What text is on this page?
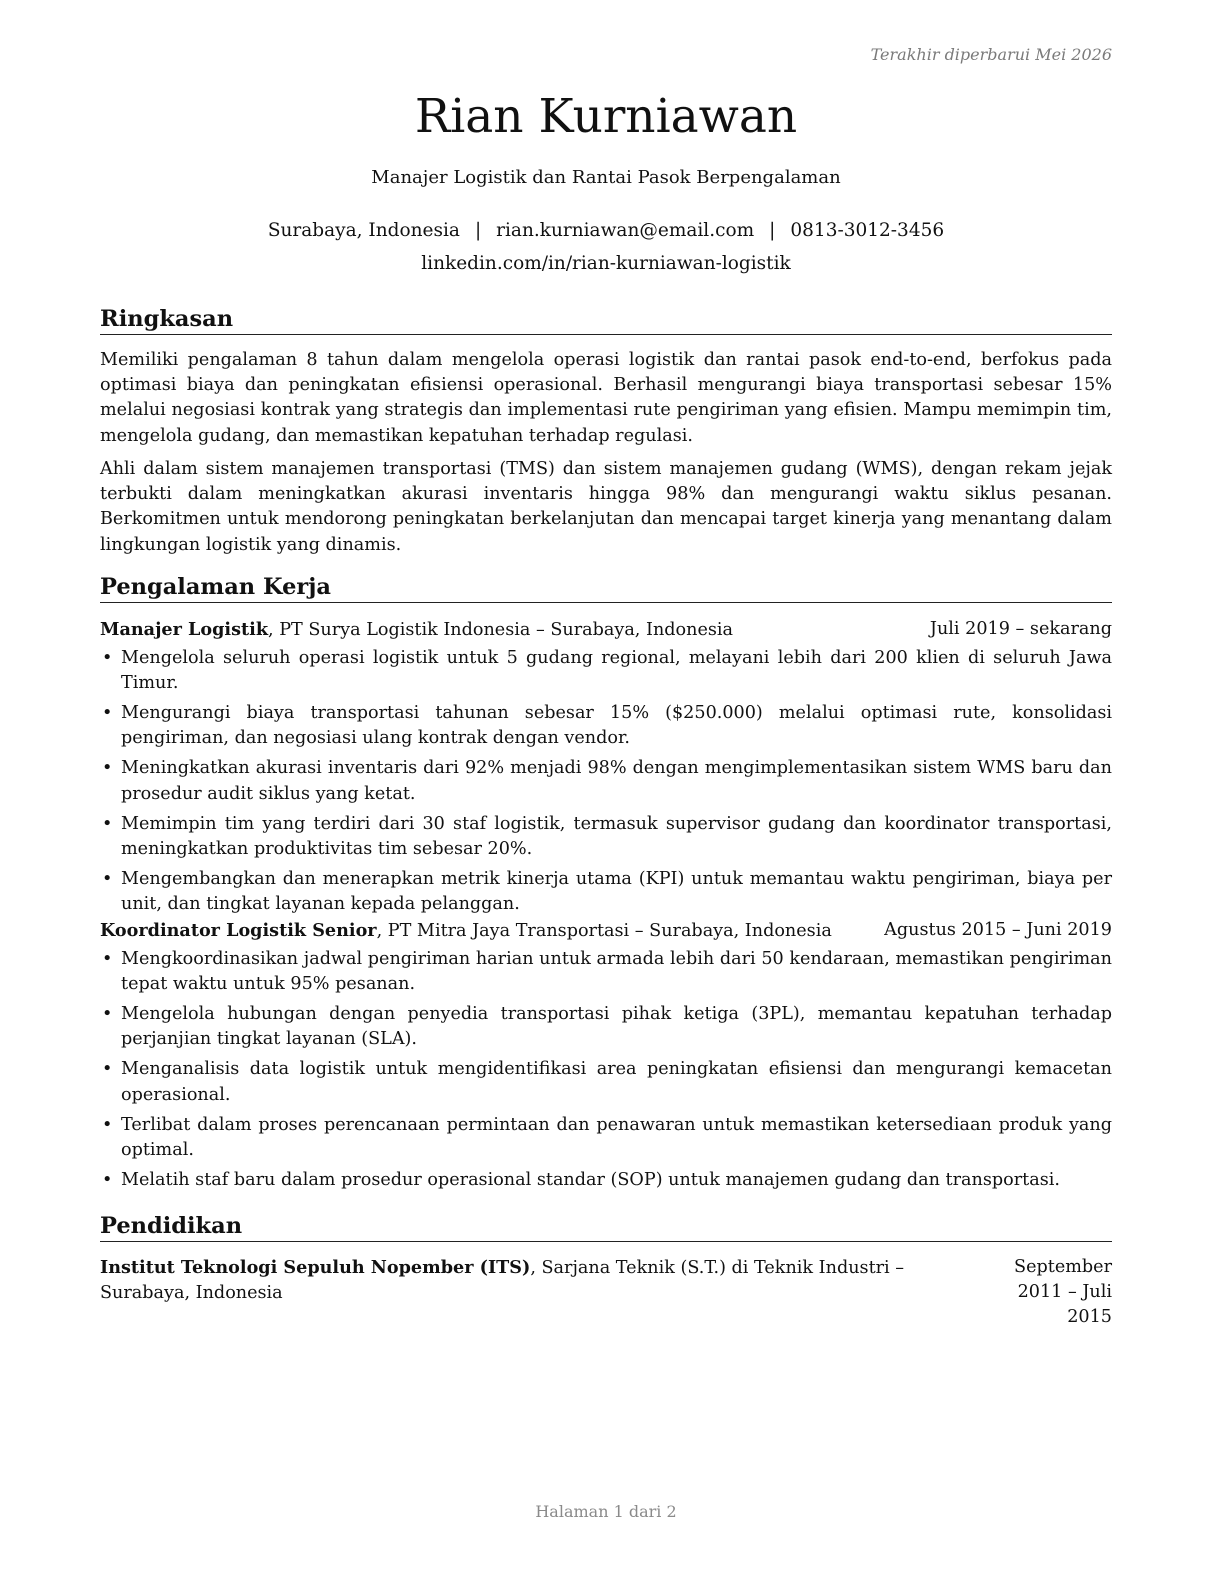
Terakhir diperbarui Mei 2026
Rian Kurniawan
Manajer Logistik dan Rantai Pasok Berpengalaman
Surabaya, Indonesia | rian.kurniawan@email.com | 0813-3012-3456
linkedin.com/in/rian-kurniawan-logistik
Ringkasan

Memiliki pengalaman 8 tahun dalam mengelola operasi logistik dan rantai pasok end-to-end, berfokus pada optimasi biaya dan peningkatan efisiensi operasional. Berhasil mengurangi biaya transportasi sebesar 15% melalui negosiasi kontrak yang strategis dan implementasi rute pengiriman yang efisien. Mampu memimpin tim, mengelola gudang, dan memastikan kepatuhan terhadap regulasi.

Ahli dalam sistem manajemen transportasi (TMS) dan sistem manajemen gudang (WMS), dengan rekam jejak terbukti dalam meningkatkan akurasi inventaris hingga 98% dan mengurangi waktu siklus pesanan. Berkomitmen untuk mendorong peningkatan berkelanjutan dan mencapai target kinerja yang menantang dalam lingkungan logistik yang dinamis.

Pengalaman Kerja
Manajer Logistik, PT Surya Logistik Indonesia – Surabaya, Indonesia	Juli 2019 – sekarang
• Mengelola seluruh operasi logistik untuk 5 gudang regional, melayani lebih dari 200 klien di seluruh Jawa Timur.
• Mengurangi biaya transportasi tahunan sebesar 15% ($250.000) melalui optimasi rute, konsolidasi pengiriman, dan negosiasi ulang kontrak dengan vendor.
• Meningkatkan akurasi inventaris dari 92% menjadi 98% dengan mengimplementasikan sistem WMS baru dan prosedur audit siklus yang ketat.
• Memimpin tim yang terdiri dari 30 staf logistik, termasuk supervisor gudang dan koordinator transportasi, meningkatkan produktivitas tim sebesar 20%.
• Mengembangkan dan menerapkan metrik kinerja utama (KPI) untuk memantau waktu pengiriman, biaya per unit, dan tingkat layanan kepada pelanggan.
Koordinator Logistik Senior, PT Mitra Jaya Transportasi – Surabaya, Indonesia	Agustus 2015 – Juni 2019
• Mengkoordinasikan jadwal pengiriman harian untuk armada lebih dari 50 kendaraan, memastikan pengiriman tepat waktu untuk 95% pesanan.
• Mengelola hubungan dengan penyedia transportasi pihak ketiga (3PL), memantau kepatuhan terhadap perjanjian tingkat layanan (SLA).
• Menganalisis data logistik untuk mengidentifikasi area peningkatan efisiensi dan mengurangi kemacetan operasional.
• Terlibat dalam proses perencanaan permintaan dan penawaran untuk memastikan ketersediaan produk yang optimal.
• Melatih staf baru dalam prosedur operasional standar (SOP) untuk manajemen gudang dan transportasi.
Pendidikan
Institut Teknologi Sepuluh Nopember (ITS), Sarjana Teknik (S.T.) di Teknik Industri – Surabaya, Indonesia
September 2011 – Juli 2015
Halaman 1 dari 2
